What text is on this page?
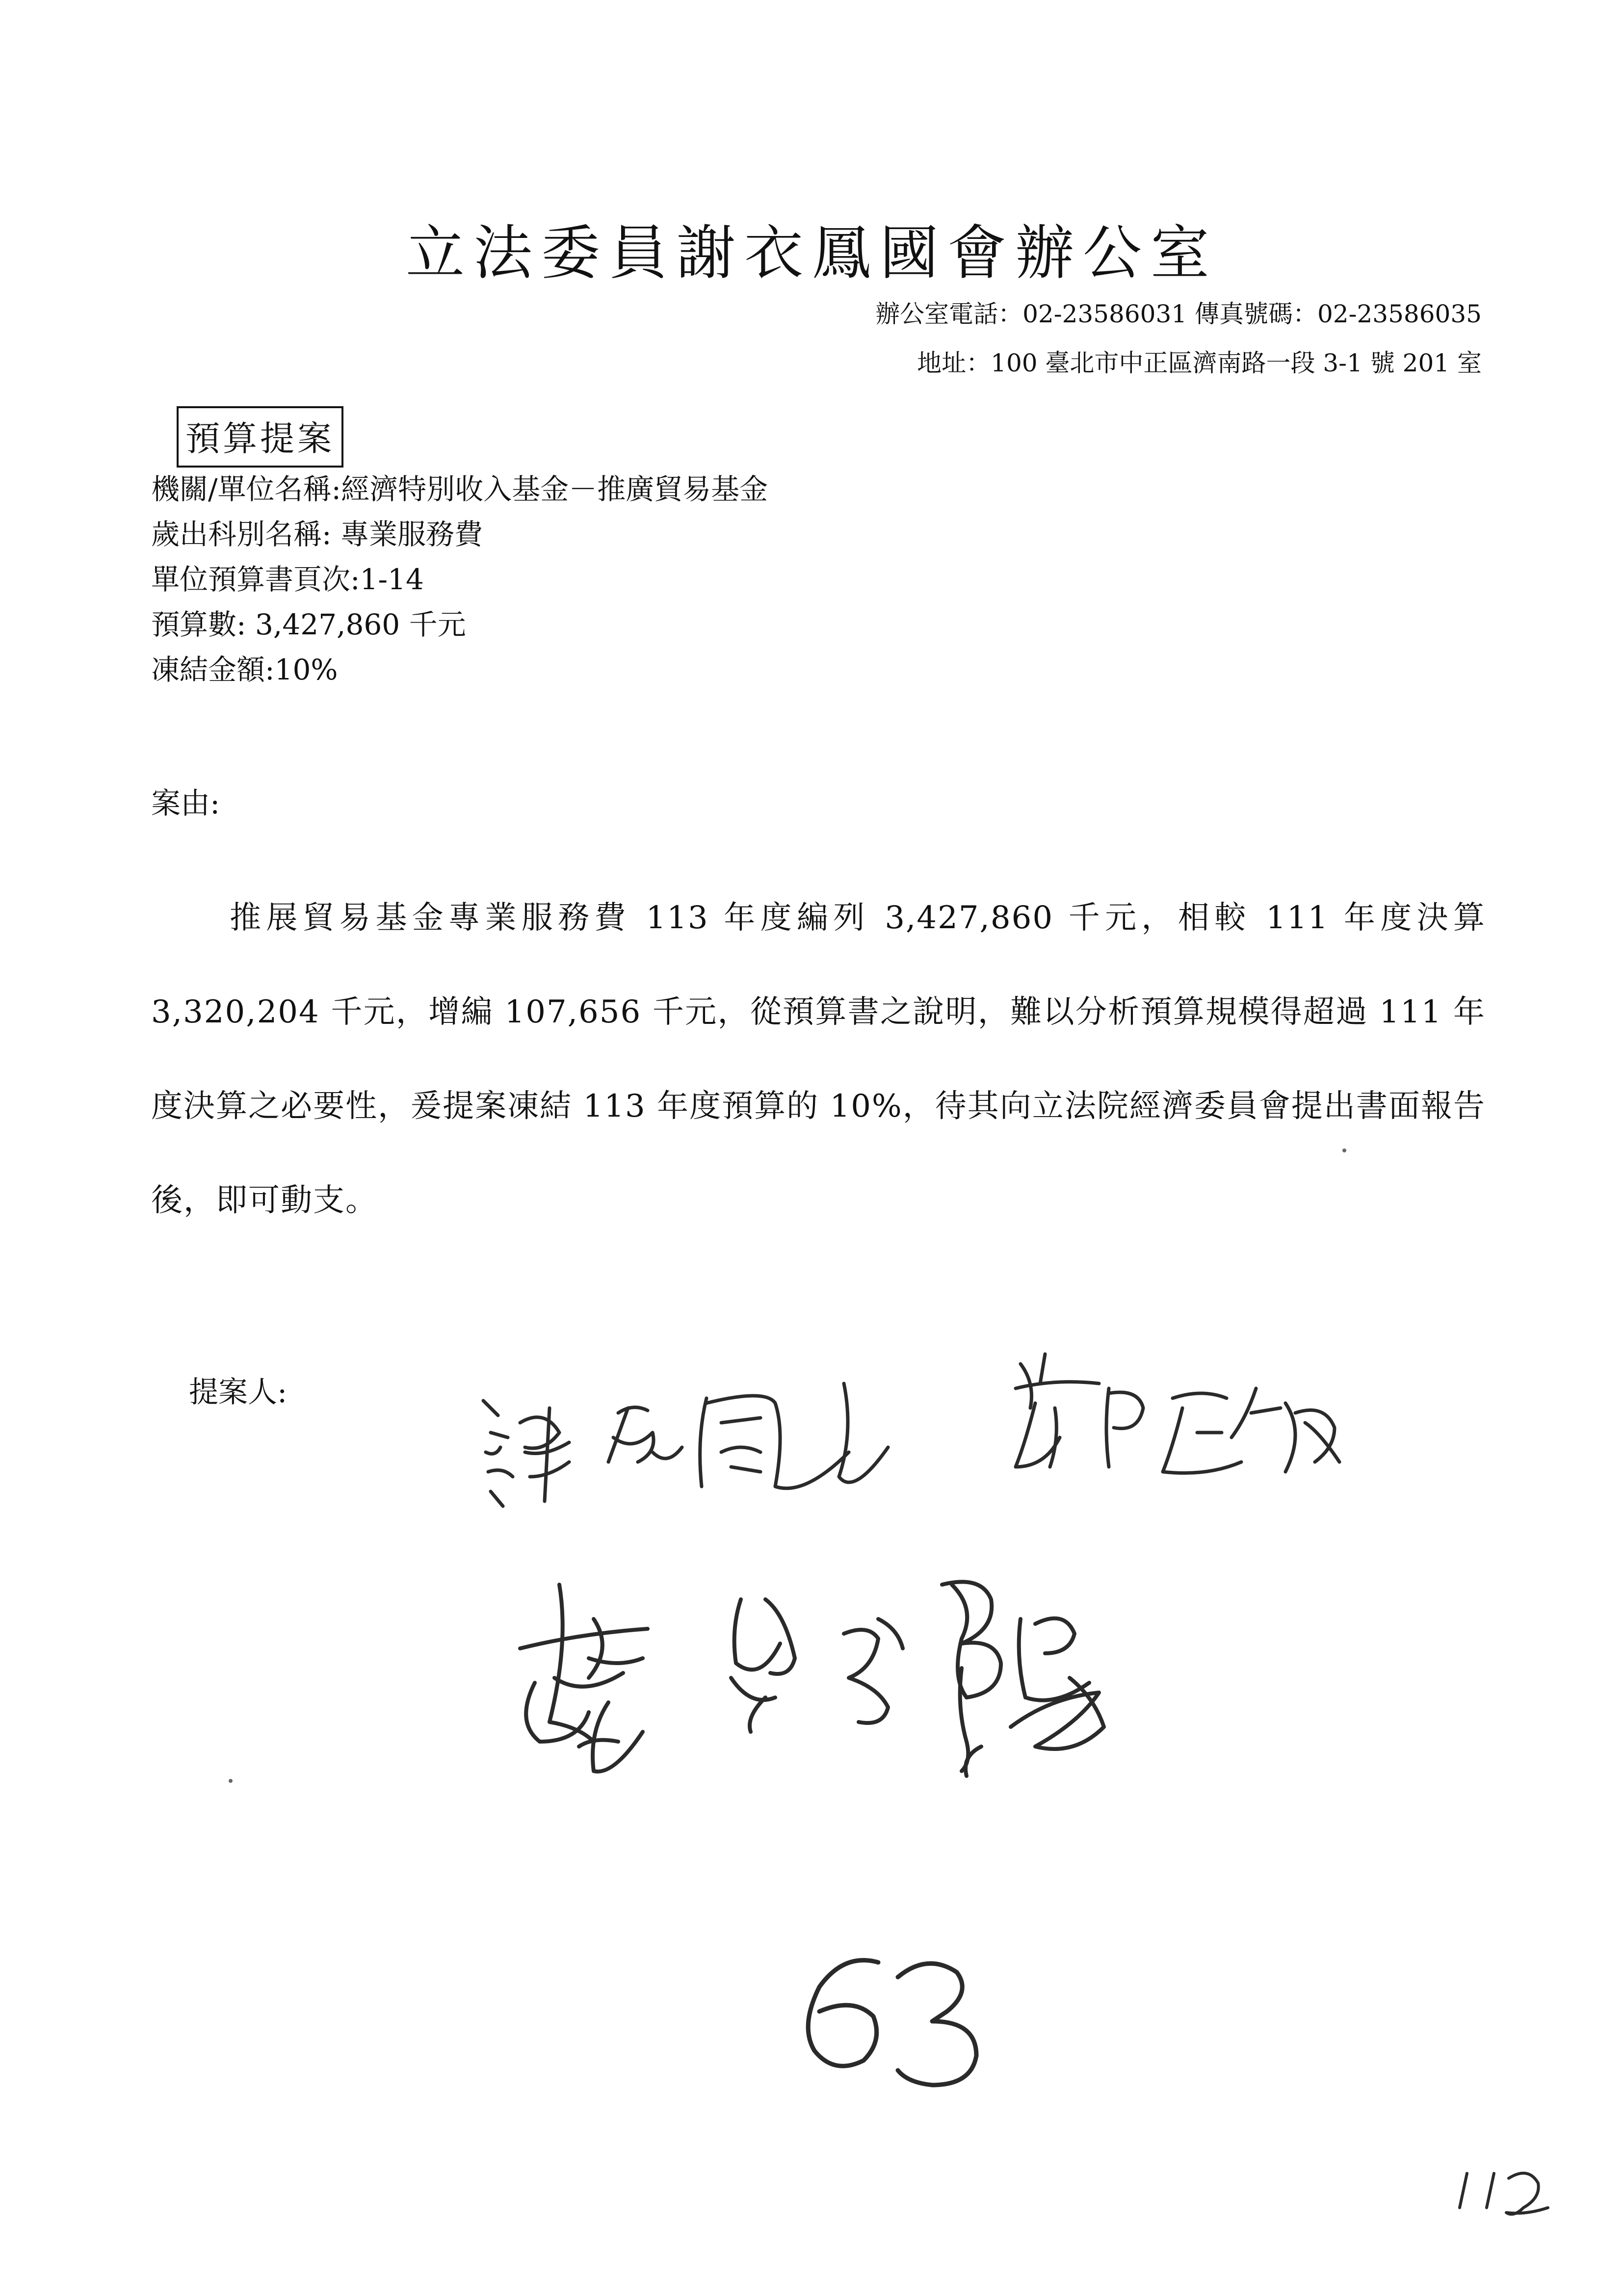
立法委員謝衣鳳國會辦公室
辦公室電話：02-23586031 傳真號碼：02-23586035
地址：100 臺北市中正區濟南路一段 3-1 號 201 室
預算提案
機關/單位名稱:經濟特別收入基金－推廣貿易基金
歲出科別名稱: 專業服務費
單位預算書頁次:1-14
預算數: 3,427,860 千元
凍結金額:10%
案由:
推展貿易基金專業服務費 113 年度編列 3,427,860 千元，相較 111 年度決算 3,320,204 千元，增編 107,656 千元，從預算書之說明，難以分析預算規模得超過 111 年度決算之必要性，爰提案凍結 113 年度預算的 10%，待其向立法院經濟委員會提出書面報告後，即可動支。
提案人:
